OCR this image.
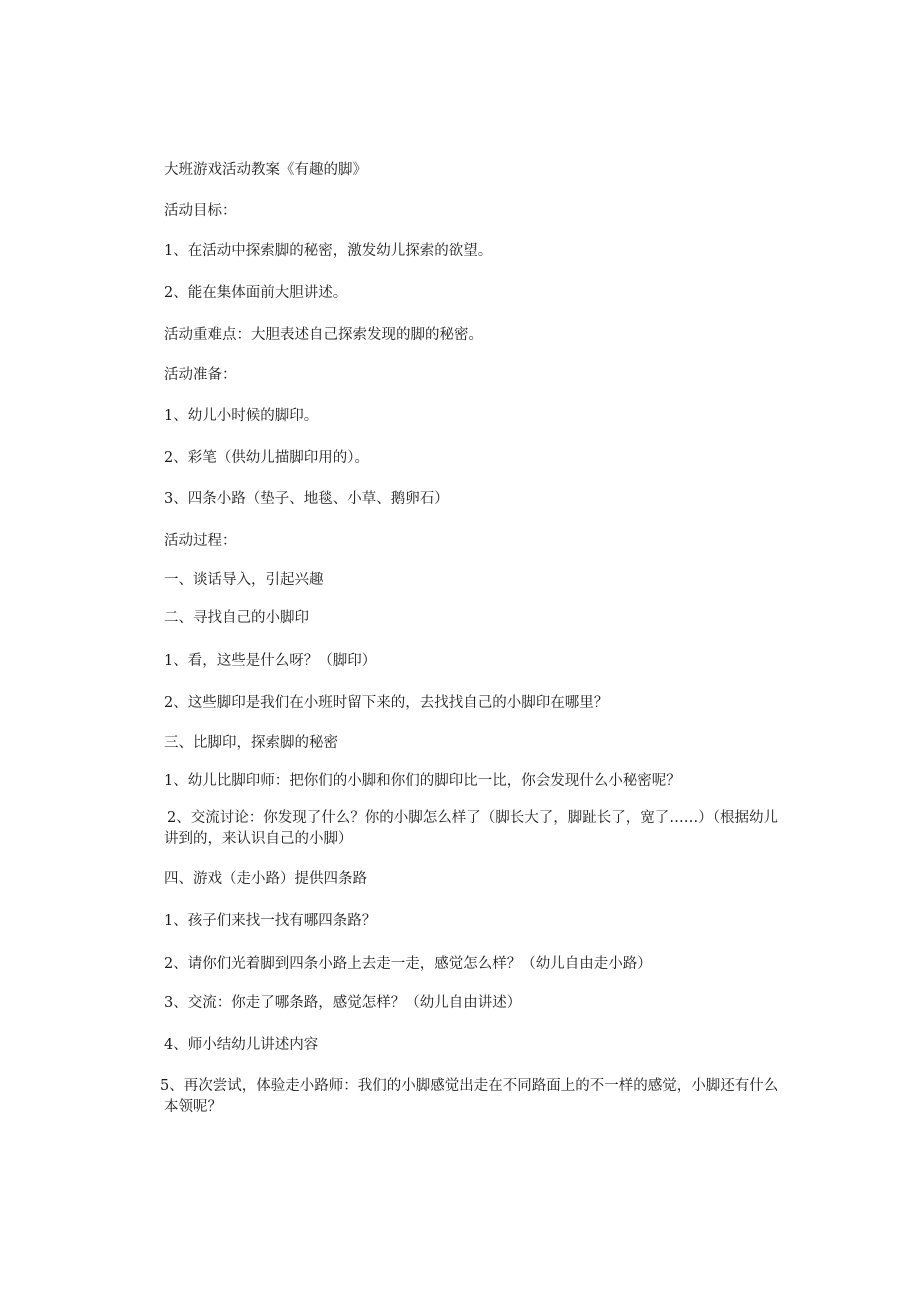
大班游戏活动教案《有趣的脚》
活动目标：
1、在活动中探索脚的秘密，激发幼儿探索的欲望。
2、能在集体面前大胆讲述。
活动重难点：大胆表述自己探索发现的脚的秘密。
活动准备：
1、幼儿小时候的脚印。
2、彩笔（供幼儿描脚印用的）。
3、四条小路（垫子、地毯、小草、鹅卵石）
活动过程：
一、谈话导入，引起兴趣
二、寻找自己的小脚印
1、看，这些是什么呀？（脚印）
2、这些脚印是我们在小班时留下来的，去找找自己的小脚印在哪里？
三、比脚印，探索脚的秘密
1、幼儿比脚印师：把你们的小脚和你们的脚印比一比，你会发现什么小秘密呢？
2、交流讨论：你发现了什么？你的小脚怎么样了（脚长大了，脚趾长了，宽了……）（根据幼儿讲到的，来认识自己的小脚）
四、游戏（走小路）提供四条路
1、孩子们来找一找有哪四条路？
2、请你们光着脚到四条小路上去走一走，感觉怎么样？（幼儿自由走小路）
3、交流：你走了哪条路，感觉怎样？（幼儿自由讲述）
4、师小结幼儿讲述内容
5、再次尝试，体验走小路师：我们的小脚感觉出走在不同路面上的不一样的感觉，小脚还有什么本领呢？
